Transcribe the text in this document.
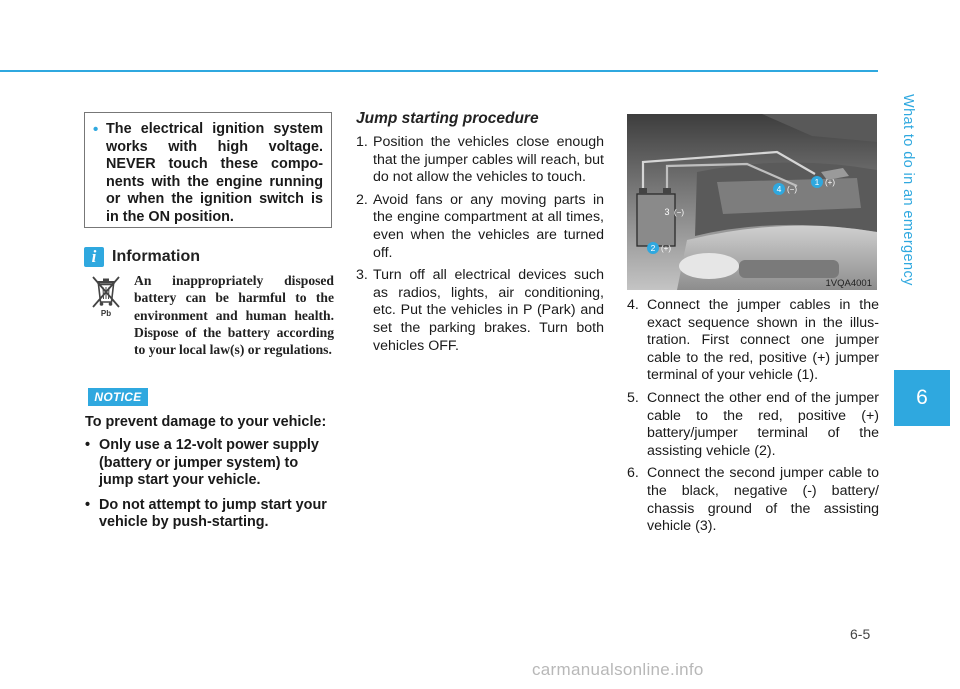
What to do in an emergency
6
• The electrical ignition system works with high voltage. NEVER touch these compo-nents with the engine running or when the ignition switch is in the ON position.
i Information
Pb
An inappropriately disposed battery can be harmful to the environment and human health. Dispose of the battery according to your local law(s) or regulations.
NOTICE
To prevent damage to your vehicle:
• Only use a 12-volt power supply (battery or jumper system) to jump start your vehicle.
• Do not attempt to jump start your vehicle by push-starting.
Jump starting procedure
1. Position the vehicles close enough that the jumper cables will reach, but do not allow the vehicles to touch.
2. Avoid fans or any moving parts in the engine compartment at all times, even when the vehicles are turned off.
3. Turn off all electrical devices such as radios, lights, air conditioning, etc. Put the vehicles in P (Park) and set the parking brakes. Turn both vehicles OFF.
1 (+)
2 (+)
3 (−)
4 (−)
1VQA4001
4. Connect the jumper cables in the exact sequence shown in the illus-tration. First connect one jumper cable to the red, positive (+) jumper terminal of your vehicle (1).
5. Connect the other end of the jumper cable to the red, positive (+) battery/jumper terminal of the assisting vehicle (2).
6. Connect the second jumper cable to the black, negative (-) battery/ chassis ground of the assisting vehicle (3).
6-5
carmanualsonline.info
